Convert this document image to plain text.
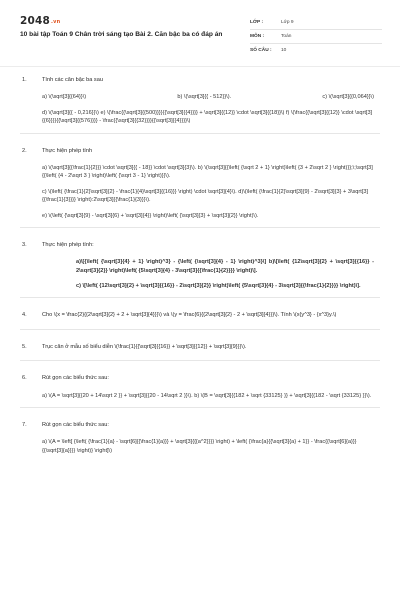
2048.vn
10 bài tập Toán 9 Chân trời sáng tạo Bài 2. Căn bậc ba có đáp án
LỚP :	Lớp 9
MÔN :	Toán
SỐ CÂU :	10
1.	Tính các căn bậc ba sau

a) \(\sqrt[3]{{64}}\)	b) \(\sqrt[3]{{ - 512}}\).	c) \(\sqrt[3]{{0,064}}\)

d) \(\sqrt[3]{{ - 0,216}}\) e) \(\frac{{\sqrt[3]{{500}}}}{{\sqrt[3]{{4}}}} + \sqrt[3]{{12}} \cdot \sqrt[3]{{18}}\) f) \(\frac{{\sqrt[3]{{12}} \cdot \sqrt[3]{{6}}}}{{\sqrt[3]{{576}}}} - \frac{{\sqrt[3]{{32}}}}{{\sqrt[3]{{4}}}}\)

2.	Thực hiện phép tính

a) \(\sqrt[3]{{\frac{1}{2}}} \cdot \sqrt[3]{{ - 18}} \cdot \sqrt[3]{3}\). b) \(\sqrt[3]{{\left( {\sqrt 2 + 1} \right)\left( {3 + 2\sqrt 2 } \right)}};\;\sqrt[3]{{\left( {4 - 2\sqrt 3 } \right)\left( {\sqrt 3 - 1} \right)}}\).

c) \(\left( {\frac{1}{2}\sqrt[3]{2} - \frac{1}{4}\sqrt[3]{{16}}} \right) \cdot \sqrt[3]{4}\). d)\(\left( {\frac{1}{2}\sqrt[3]{9} - 2\sqrt[3]{3} + 3\sqrt[3]{{\frac{1}{3}}}} \right):2\sqrt[3]{{\frac{1}{3}}}\).

e) \(\left( {\sqrt[3]{9} - \sqrt[3]{6} + \sqrt[3]{4}} \right)\left( {\sqrt[3]{3} + \sqrt[3]{2}} \right)\).

3.	Thực hiện phép tính:

a)\[{\left( {\sqrt[3]{4} + 1} \right)^3} - {\left( {\sqrt[3]{4} - 1} \right)^3}\] b)\[\left( {12\sqrt[3]{2} + \sqrt[3]{{16}} - 2\sqrt[3]{2}} \right)\left( {5\sqrt[3]{4} - 3\sqrt[3]{{\frac{1}{2}}}} \right)\].

c) \[\left( {12\sqrt[3]{2} + \sqrt[3]{{16}} - 2\sqrt[3]{2}} \right)\left( {5\sqrt[3]{4} - 3\sqrt[3]{{\frac{1}{2}}}} \right)\].

4.	Cho \(x = \frac{2}{{2\sqrt[3]{2} + 2 + \sqrt[3]{4}}}\) và \(y = \frac{6}{{2\sqrt[3]{2} - 2 + \sqrt[3]{4}}}\). Tính \(x{y^3} - {x^3}y.\)
5.	Trục căn ở mẫu số biểu diễn \(\frac{1}{{\sqrt[3]{{16}} + \sqrt[3]{{12}} + \sqrt[3]{9}}}\).
6.	Rút gọn các biểu thức sau:

a) \(A = \sqrt[3]{{20 + 14\sqrt 2 }} + \sqrt[3]{{20 - 14\sqrt 2 }}\). b) \(B = \sqrt[3]{{182 + \sqrt {33125} }} + \sqrt[3]{{182 - \sqrt {33125} }}\).

7.	Rút gọn các biểu thức sau:

a) \(A = \left[ {\left( {\frac{1}{a} - \sqrt[6]{{\frac{1}{a}}} + \sqrt[3]{{{a^2}}}} \right) + \left( {\frac{a}{{\sqrt[3]{a} + 1}} - \frac{{\sqrt[6]{a}}}{{\sqrt[3]{a}}}} \right)} \right]\)
